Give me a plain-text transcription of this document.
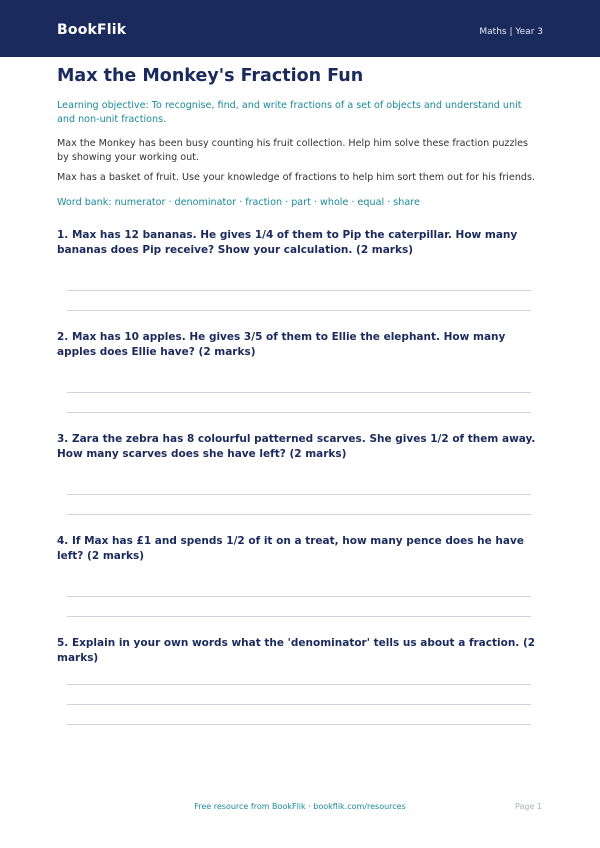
BookFlik	Maths | Year 3
Max the Monkey's Fraction Fun

Learning objective: To recognise, find, and write fractions of a set of objects and understand unit and non-unit fractions.

Max the Monkey has been busy counting his fruit collection. Help him solve these fraction puzzles by showing your working out.

Max has a basket of fruit. Use your knowledge of fractions to help him sort them out for his friends.

Word bank: numerator · denominator · fraction · part · whole · equal · share

1. Max has 12 bananas. He gives 1/4 of them to Pip the caterpillar. How many bananas does Pip receive? Show your calculation. (2 marks)

2. Max has 10 apples. He gives 3/5 of them to Ellie the elephant. How many apples does Ellie have? (2 marks)

3. Zara the zebra has 8 colourful patterned scarves. She gives 1/2 of them away. How many scarves does she have left? (2 marks)

4. If Max has £1 and spends 1/2 of it on a treat, how many pence does he have left? (2 marks)

5. Explain in your own words what the 'denominator' tells us about a fraction. (2 marks)

Free resource from BookFlik · bookflik.com/resources	Page 1
